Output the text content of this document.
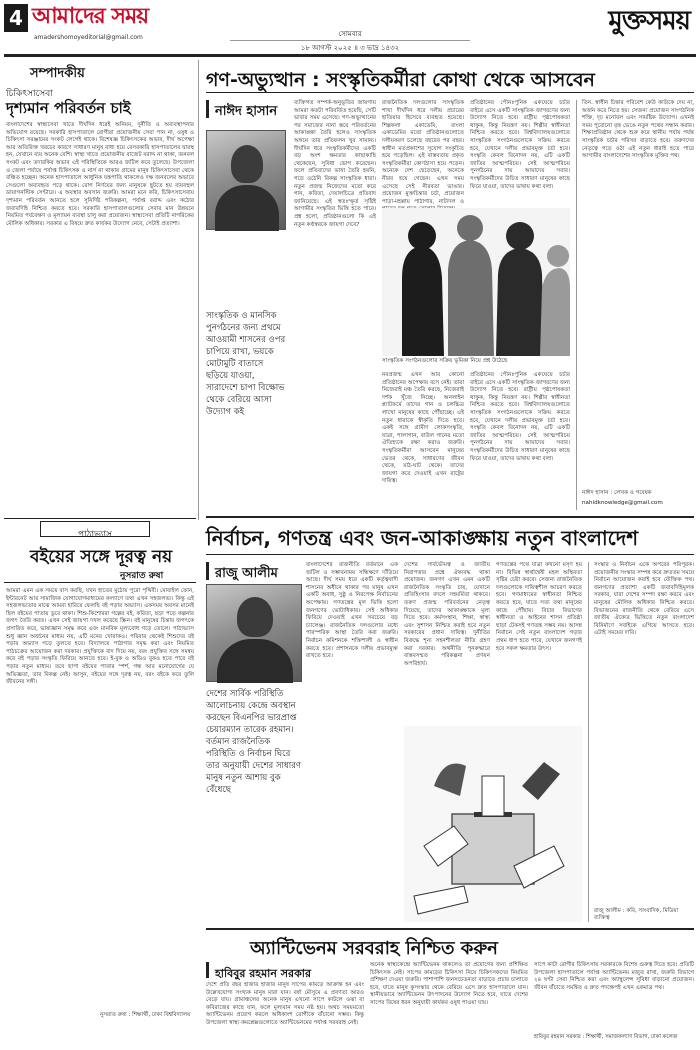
4 আমাদের সময়
amadershomoyeditorial@gmail.com	সোমবার
১৮ আগস্ট ২০২৫ ॥ ৩ ভাদ্র ১৪৩২
মুক্তসময়
সম্পাদকীয়
চিকিৎসাসেবা
দৃশ্যমান পরিবর্তন চাই
বাংলাদেশের স্বাস্থ্যসেবা খাতে দীর্ঘদিন ধরেই অনিয়ম, দুর্নীতি ও অব্যবস্থাপনার অভিযোগ রয়েছে। সরকারি হাসপাতালে রোগীরা প্রয়োজনীয় সেবা পান না, ওষুধ ও চিকিৎসা সরঞ্জামের সংকট লেগেই থাকে। বিশেষজ্ঞ চিকিৎসকের অভাব, দীর্ঘ অপেক্ষা আর অতিরিক্ত খরচের কারণে সাধারণ মানুষ বাধ্য হয়ে বেসরকারি হাসপাতালের দ্বারস্থ হন, যেখানে ব্যয় অনেক বেশি। স্বাস্থ্য খাতে প্রয়োজনীয় বাজেট বরাদ্দ না থাকা, জনবল সংকট এবং তদারকির অভাব এই পরিস্থিতিকে আরও জটিল করে তুলেছে। উপজেলা ও জেলা পর্যায়ে পর্যাপ্ত চিকিৎসক ও নার্স না থাকায় গ্রামের মানুষ চিকিৎসাসেবা থেকে বঞ্চিত হচ্ছেন। অনেক হাসপাতালে আধুনিক যন্ত্রপাতি থাকলেও দক্ষ জনবলের অভাবে সেগুলো অব্যবহৃত পড়ে থাকে। রোগ নির্ণয়ের জন্য মানুষকে ছুটতে হয় ব্যয়বহুল ডায়াগনস্টিক সেন্টারে। এ অবস্থার অবসান জরুরি। আমরা মনে করি, চিকিৎসাসেবায় দৃশ্যমান পরিবর্তন আনতে হলে সুনির্দিষ্ট পরিকল্পনা, পর্যাপ্ত বরাদ্দ এবং কঠোর জবাবদিহি নিশ্চিত করতে হবে। সরকারি হাসপাতালগুলোর সেবার মান উন্নয়নে নিয়মিত পর্যবেক্ষণ ও মূল্যায়ন ব্যবস্থা চালু করা প্রয়োজন। স্বাস্থ্যসেবা প্রতিটি নাগরিকের মৌলিক অধিকার। সরকার এ বিষয়ে দ্রুত কার্যকর উদ্যোগ নেবে, সেটাই প্রত্যাশা।
পাঠাভ্যাস
বইয়ের সঙ্গে দূরত্ব নয়
নুসরাত রুষা
আমরা এমন এক সময়ে বাস করছি, যখন হাতের মুঠোয় পুরো পৃথিবী। মোবাইল ফোন, ইন্টারনেট আর সামাজিক যোগাযোগমাধ্যমের কল্যাণে তথ্য এখন সহজলভ্য। কিন্তু এই সহজলভ্যতার মাঝে আমরা হারিয়ে ফেলছি বই পড়ার অভ্যাস। একসময় অবসর মানেই ছিল বইয়ের পাতায় ডুবে থাকা। শিশু-কিশোররা গল্পের বই, কবিতা, ছড়া পড়ে কল্পনার জগৎ তৈরি করত। এখন সেই জায়গা দখল করেছে স্ক্রিন। বই মানুষের চিন্তার জগৎকে প্রসারিত করে, ভাষাজ্ঞান সমৃদ্ধ করে এবং মানবিক মূল্যবোধ গড়ে তোলে। পাঠাভ্যাস শুধু জ্ঞান অর্জনের মাধ্যম নয়, এটি মনের খোরাকও। পরিবার থেকেই শিশুদের বই পড়ার অভ্যাস গড়ে তুলতে হবে। বিদ্যালয়ে পাঠাগার সমৃদ্ধ করা এবং নিয়মিত পাঠচক্রের আয়োজন করা দরকার। প্রযুক্তিকে বাদ দিয়ে নয়, বরং প্রযুক্তির সঙ্গে সমন্বয় করে বই পড়ার সংস্কৃতি ফিরিয়ে আনতে হবে। ই-বুক ও অডিও বুকও হতে পারে বই পড়ার নতুন মাধ্যম। তবে ছাপা বইয়ের পাতার স্পর্শ, গন্ধ আর মনোযোগের যে অভিজ্ঞতা, তার বিকল্প নেই। আসুন, বইয়ের সঙ্গে দূরত্ব নয়, বরং বইকে করে তুলি জীবনের সঙ্গী।
নুসরাত রুষা : শিক্ষার্থী, ঢাকা বিশ্ববিদ্যালয়
গণ-অভ্যুত্থান : সংস্কৃতিকর্মীরা কোথা থেকে আসবেন
নাঈদ হাসান
সাংস্কৃতিক ও মানসিক পুনর্গঠনের জন্য প্রথমে আওয়ামী শাসনের ওপর চাপিয়ে রাখা, ভয়কে মোটামুটি বাতাসে ছড়িয়ে যাওয়া, সারাদেশে চাপা বিক্ষোভ থেকে বেরিয়ে আসা উদ্যোগ কই
ব্যক্তিগত সম্পর্ক-অনুভূতির জায়গায় আমরা কতটা পরিবর্তিত হয়েছি, সেটি ভাবার সময় এসেছে। গণ-অভ্যুত্থানের পর সমাজের নানা স্তরে পরিবর্তনের আকাঙ্ক্ষা তৈরি হলেও সাংস্কৃতিক অঙ্গনে তার প্রতিফলন খুব সামান্য। দীর্ঘদিন ধরে সংস্কৃতিকর্মীদের একটি বড় অংশ ক্ষমতার কাছাকাছি থেকেছেন, সুবিধা ভোগ করেছেন। ফলে প্রতিবাদের ভাষা তৈরি হয়নি, গড়ে ওঠেনি বিকল্প সাংস্কৃতিক ধারা। নতুন প্রজন্ম নিজেদের মতো করে গান, কবিতা, দেয়ালচিত্রে প্রতিবাদ জানিয়েছে। এই স্বতঃস্ফূর্ত সৃষ্টিই আগামীর সংস্কৃতির ভিত্তি হতে পারে। প্রশ্ন হলো, প্রতিষ্ঠানগুলো কি এই নতুন কণ্ঠস্বরকে জায়গা দেবে?
রাজনৈতিক দলগুলোর সাংস্কৃতিক শাখা দীর্ঘদিন ধরে দলীয় প্রচারের হাতিয়ার হিসেবে ব্যবহৃত হয়েছে। শিল্পকলা একাডেমি, বাংলা একাডেমির মতো প্রতিষ্ঠানগুলোতে দলীয়করণ চলেছে বছরের পর বছর। স্বাধীন মতপ্রকাশের সুযোগ সংকুচিত হয়ে পড়েছিল। এই বাস্তবতায় প্রকৃত সংস্কৃতিকর্মীরা কোণঠাসা হয়ে পড়েন। অনেকে দেশ ছেড়েছেন, অনেকে নীরব হয়ে গেছেন। এখন সময় এসেছে সেই নীরবতা ভাঙার। প্রয়োজন মুক্তচিন্তার চর্চা, প্রয়োজন পাড়া-মহল্লায় পাঠাগার, নাট্যদল ও
সাংস্কৃতিক সংগঠনগুলোর সক্রিয় ভূমিকা নিয়ে প্রশ্ন উঠেছে
নবপ্রজন্ম এখন আর কোনো প্রতিষ্ঠানের অপেক্ষায় বসে নেই। তারা নিজেরাই মঞ্চ তৈরি করছে, নিজেরাই দর্শক খুঁজে নিচ্ছে। অনলাইন প্ল্যাটফর্মে তাদের গান ও চলচ্চিত্র লাখো মানুষের কাছে পৌঁছাচ্ছে। এই নতুন ধারাকে স্বীকৃতি দিতে হবে। একই সঙ্গে গ্রামীণ লোকসংস্কৃতি, যাত্রা, পালাগান, বাউল গানের মতো ঐতিহ্যকে রক্ষা করাও জরুরি। সংস্কৃতিকর্মীরা আসবেন মানুষের ভেতর থেকে, সাধারণের জীবন থেকে, মাঠ-ঘাট থেকে। তাদের জায়গা করে দেওয়াই এখন রাষ্ট্রের দায়িত্ব।
প্রতিষ্ঠানের পৌনঃপুনিক একঘেয়ে চর্চার বাইরে এসে একটি সাংস্কৃতিক জাগরণের জন্য উদ্যোগ নিতে হবে। রাষ্ট্রীয় পৃষ্ঠপোষকতা থাকুক, কিন্তু নিয়ন্ত্রণ নয়। শিল্পীর স্বাধীনতা নিশ্চিত করতে হবে। বিশ্ববিদ্যালয়গুলোতে সাংস্কৃতিক সংগঠনগুলোকে সক্রিয় করতে হবে, যেখানে দলীয় প্রভাবমুক্ত চর্চা হবে। সংস্কৃতি কেবল বিনোদন নয়, এটি একটি জাতির আত্মপরিচয়। সেই আত্মপরিচয় পুনর্গঠনের দায় আমাদের সবার। সংস্কৃতিকর্মীদের উচিত সাধারণ মানুষের কাছে ফিরে যাওয়া, তাদের ভাষায় কথা বলা।
প্রতিষ্ঠানের পৌনঃপুনিক একঘেয়ে চর্চার বাইরে এসে একটি সাংস্কৃতিক জাগরণের জন্য উদ্যোগ নিতে হবে। রাষ্ট্রীয় পৃষ্ঠপোষকতা থাকুক, কিন্তু নিয়ন্ত্রণ নয়। শিল্পীর স্বাধীনতা নিশ্চিত করতে হবে। বিশ্ববিদ্যালয়গুলোতে সাংস্কৃতিক সংগঠনগুলোকে সক্রিয় করতে হবে, যেখানে দলীয় প্রভাবমুক্ত চর্চা হবে। সংস্কৃতি কেবল বিনোদন নয়, এটি একটি জাতির আত্মপরিচয়। সেই আত্মপরিচয় পুনর্গঠনের দায় আমাদের সবার। সংস্কৃতিকর্মীদের উচিত সাধারণ মানুষের কাছে ফিরে যাওয়া, তাদের ভাষায় কথা বলা।
তিন. স্বাধীন চিন্তার পরিবেশ কেউ কাউকে দেয় না, অর্জন করে নিতে হয়। সেজন্য প্রয়োজন সাংগঠনিক শক্তি, দৃঢ় মনোবল এবং সামষ্টিক উদ্যোগ। এখনই সময় পুরোনো বৃত্ত ভেঙে নতুন পথের সন্ধান করার। শিক্ষাপ্রতিষ্ঠান থেকে শুরু করে স্থানীয় পর্যায় পর্যন্ত সাংস্কৃতিক চর্চার পরিসর বাড়াতে হবে। তরুণদের নেতৃত্বে গড়ে ওঠা এই নতুন ধারাই হতে পারে আগামীর বাংলাদেশের সাংস্কৃতিক মুক্তির পথ।
নাঈদ হাসান : লেখক ও গবেষক
nahidknowledge@gmail.com
নির্বাচন, গণতন্ত্র এবং জন-আকাঙ্ক্ষায় নতুন বাংলাদেশ
রাজু আলীম
দেশের সার্বিক পরিস্থিতি আলোচনায় কেন্দ্রে অবস্থান করছেন বিএনপির ভারপ্রাপ্ত চেয়ারম্যান তারেক রহমান। বর্তমান রাজনৈতিক পরিস্থিতি ও নির্বাচন ঘিরে তার অনুযায়ী দেশের সাধারণ মানুষ নতুন আশায় বুক বেঁধেছে
বাংলাদেশের রাজনীতি বর্তমানে এক জটিল ও সম্ভাবনাময় সন্ধিক্ষণে দাঁড়িয়ে আছে। দীর্ঘ সময় ধরে একটি কর্তৃত্ববাদী শাসনের অধীনে থাকার পর মানুষ এখন একটি অবাধ, সুষ্ঠু ও নিরপেক্ষ নির্বাচনের অপেক্ষায়। গণতন্ত্রের মূল ভিত্তি হলো জনগণের ভোটাধিকার। সেই অধিকার ফিরিয়ে দেওয়াই এখন সবচেয়ে বড় চ্যালেঞ্জ। রাজনৈতিক দলগুলোর মধ্যে পারস্পরিক আস্থা তৈরি করা জরুরি। নির্বাচন কমিশনকে শক্তিশালী ও স্বাধীন করতে হবে। প্রশাসনকে দলীয় প্রভাবমুক্ত রাখতে হবে।
দেশের সার্বভৌমত্ব ও জাতীয় নিরাপত্তার প্রশ্নে ঐক্যবদ্ধ থাকা প্রয়োজন। জনগণ এখন এমন একটি রাজনৈতিক সংস্কৃতি চায়, যেখানে প্রতিহিংসার বদলে সহমর্মিতা থাকবে। তরুণ প্রজন্ম পরিবর্তনের নেতৃত্ব দিয়েছে, তাদের আকাঙ্ক্ষাকে মূল্য দিতে হবে। কর্মসংস্থান, শিক্ষা, স্বাস্থ্য এবং সুশাসন নিশ্চিত করাই হবে নতুন সরকারের প্রধান দায়িত্ব। দুর্নীতির বিরুদ্ধে শূন্য সহনশীলতা নীতি গ্রহণ করা দরকার। অর্থনীতি পুনরুদ্ধারে বাস্তবসম্মত পরিকল্পনা প্রণয়ন অপরিহার্য।
গণতন্ত্রের পথে যাত্রা কখনো মসৃণ হয় না। বিভিন্ন স্বার্থান্বেষী মহল অস্থিরতা সৃষ্টির চেষ্টা করবে। সেজন্য রাজনৈতিক দলগুলোকে দায়িত্বশীল আচরণ করতে হবে। গণমাধ্যমের স্বাধীনতা নিশ্চিত করতে হবে, যাতে সত্য তথ্য মানুষের কাছে পৌঁছায়। বিচার বিভাগের স্বাধীনতা ও আইনের শাসন প্রতিষ্ঠা ছাড়া টেকসই গণতন্ত্র সম্ভব নয়। আসন্ন নির্বাচন সেই নতুন বাংলাদেশ গড়ার প্রথম ধাপ হতে পারে, যেখানে জনগণই হবে সকল ক্ষমতার উৎস।
সংস্কার ও নির্বাচন একে অপরের পরিপূরক। প্রয়োজনীয় সংস্কার সম্পন্ন করে দ্রুততম সময়ে নির্বাচন আয়োজন করাই হবে যৌক্তিক পথ। জনগণের প্রত্যাশা একটি জবাবদিহিমূলক সরকার, যারা দেশের সম্পদ রক্ষা করবে এবং মানুষের মৌলিক অধিকার নিশ্চিত করবে। বিভাজনের রাজনীতি থেকে বেরিয়ে এসে জাতীয় ঐক্যের ভিত্তিতে নতুন বাংলাদেশ বিনির্মাণে সবাইকে এগিয়ে আসতে হবে। এটাই সময়ের দাবি।
রাজু আলীম : কবি, সাংবাদিক, মিডিয়া ব্যক্তিত্ব
অ্যান্টিভেনম সরবরাহ নিশ্চিত করুন
হাবিবুর রহমান সরকার
দেশে প্রতি বছর হাজার হাজার মানুষ সাপের কামড়ে আক্রান্ত হন এবং উল্লেখযোগ্য সংখ্যক মানুষ মারা যান। বর্ষা মৌসুমে এ প্রবণতা আরও বেড়ে যায়। গ্রামাঞ্চলের অনেক মানুষ এখনো সাপে কাটলে ওঝা বা কবিরাজের কাছে যান, ফলে মূল্যবান সময় নষ্ট হয়। অথচ সময়মতো অ্যান্টিভেনম প্রয়োগ করলে অধিকাংশ রোগীকে বাঁচানো সম্ভব। কিন্তু উপজেলা স্বাস্থ্য কমপ্লেক্সগুলোতে অ্যান্টিভেনমের পর্যাপ্ত সরবরাহ নেই।
অনেক স্বাস্থ্যকেন্দ্রে অ্যান্টিভেনম থাকলেও তা প্রয়োগের জন্য প্রশিক্ষিত চিকিৎসক নেই। সাপের কামড়ের চিকিৎসা নিয়ে চিকিৎসকদের নিয়মিত প্রশিক্ষণ দেওয়া জরুরি। পাশাপাশি জনসচেতনতা বাড়াতে প্রচার চালাতে হবে, যাতে মানুষ কুসংস্কার থেকে বেরিয়ে এসে দ্রুত হাসপাতালে যান। স্থানীয়ভাবে অ্যান্টিভেনম উৎপাদনের উদ্যোগ নিতে হবে, যাতে দেশের সাপের বিষের ধরন অনুযায়ী কার্যকর ওষুধ পাওয়া যায়।
সাপে কাটা রোগীর চিকিৎসায় সরকারকে বিশেষ গুরুত্ব দিতে হবে। প্রতিটি উপজেলা হাসপাতালে পর্যাপ্ত অ্যান্টিভেনম মজুত রাখা, জরুরি বিভাগে ২৪ ঘণ্টা সেবা নিশ্চিত করা এবং অ্যাম্বুলেন্স সুবিধা বাড়ানো প্রয়োজন। জীবন বাঁচাতে সমন্বিত ও দ্রুত পদক্ষেপই এখন একমাত্র পথ।
হাবিবুর রহমান সরকার : শিক্ষার্থী, সমাজকল্যাণ বিভাগ, ঢাকা কলেজ
